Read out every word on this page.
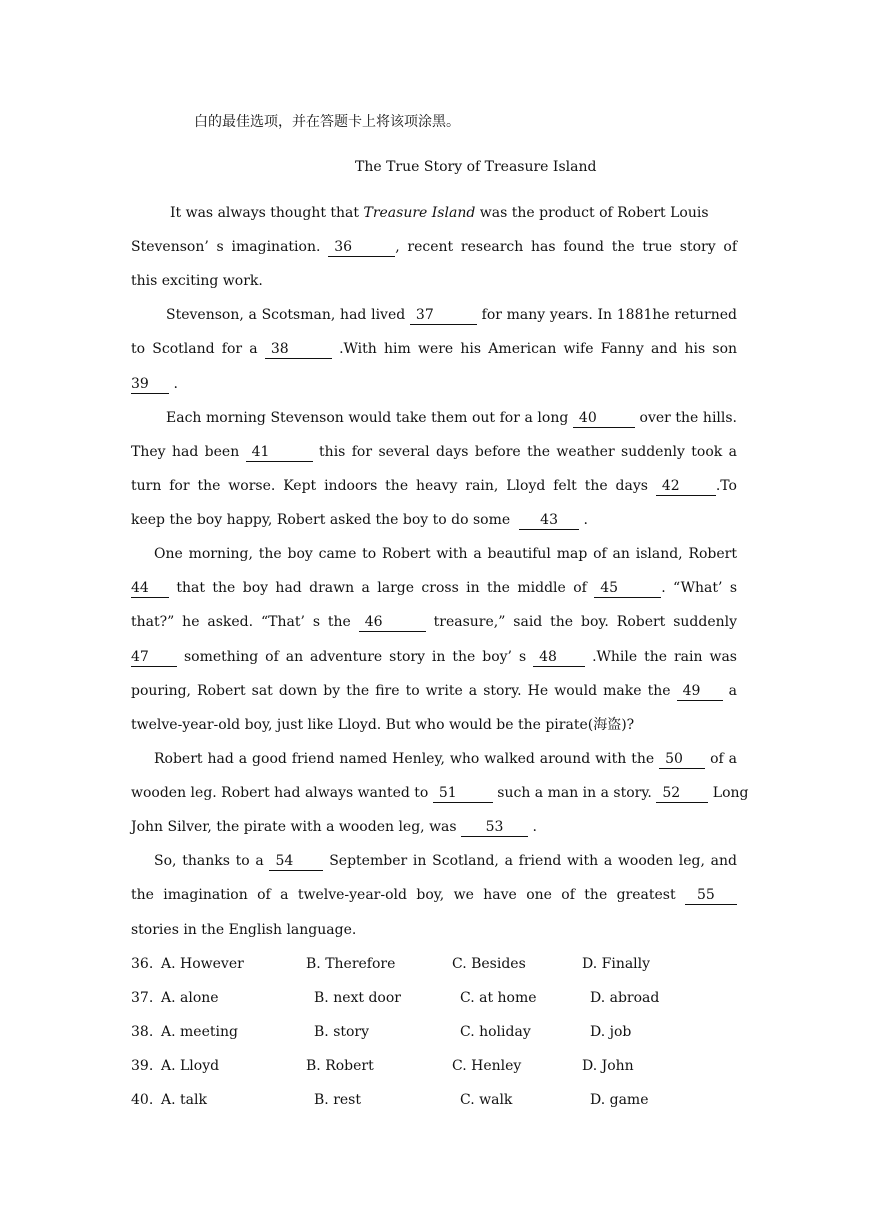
白的最佳选项，并在答题卡上将该项涂黑。
The True Story of Treasure Island
It was always thought that Treasure Island was the product of Robert Louis
Stevenson’ s imagination. 36	, recent research has found the true story of
this exciting work.
Stevenson, a Scotsman, had lived 37	for many years. In 1881he returned
to Scotland for a 38	.With him were his American wife Fanny and his son
39 .
Each morning Stevenson would take them out for a long 40	over the hills.
They had been 41	this for several days before the weather suddenly took a
turn for the worse. Kept indoors the heavy rain, Lloyd felt the days 42	.To
keep the boy happy, Robert asked the boy to do some 43 .
One morning, the boy came to Robert with a beautiful map of an island, Robert
44 that the boy had drawn a large cross in the middle of 45	. “What’ s
that?” he asked. “That’ s the 46	treasure,” said the boy. Robert suddenly
47	something of an adventure story in the boy’ s 48	.While the rain was
pouring, Robert sat down by the fire to write a story. He would make the 49 a
twelve-year-old boy, just like Lloyd. But who would be the pirate(海盗)?
Robert had a good friend named Henley, who walked around with the 50 of a
wooden leg. Robert had always wanted to 51	such a man in a story. 52 Long
John Silver, the pirate with a wooden leg, was 53 .
So, thanks to a 54	September in Scotland, a friend with a wooden leg, and
the imagination of a twelve-year-old boy, we have one of the greatest 55
stories in the English language.
36. A. However	B. Therefore	C. Besides	D. Finally
37. A. alone	B. next door	C. at home	D. abroad
38. A. meeting	B. story	C. holiday	D. job
39. A. Lloyd	B. Robert	C. Henley	D. John
40. A. talk	B. rest	C. walk	D. game
